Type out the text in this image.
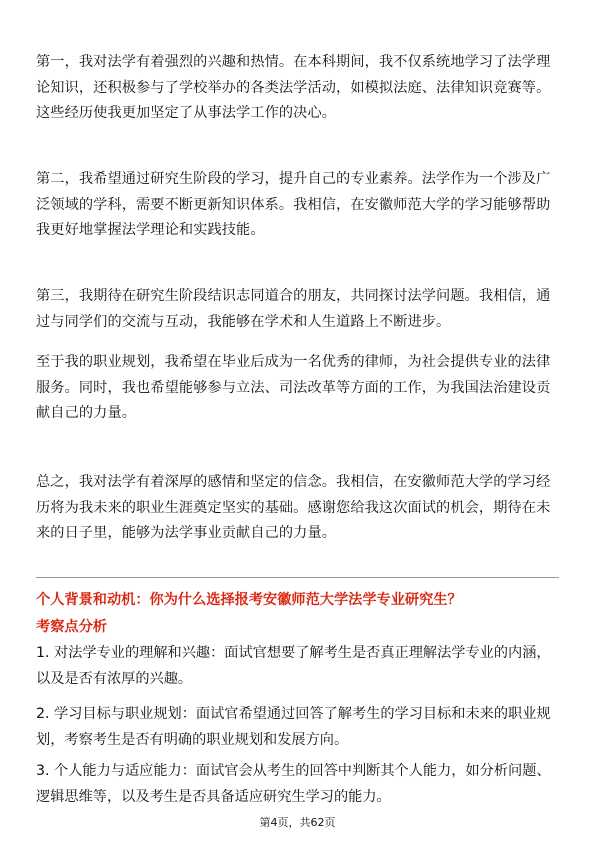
第一，我对法学有着强烈的兴趣和热情。在本科期间，我不仅系统地学习了法学理论知识，还积极参与了学校举办的各类法学活动，如模拟法庭、法律知识竞赛等。这些经历使我更加坚定了从事法学工作的决心。

第二，我希望通过研究生阶段的学习，提升自己的专业素养。法学作为一个涉及广泛领域的学科，需要不断更新知识体系。我相信，在安徽师范大学的学习能够帮助我更好地掌握法学理论和实践技能。

第三，我期待在研究生阶段结识志同道合的朋友，共同探讨法学问题。我相信，通过与同学们的交流与互动，我能够在学术和人生道路上不断进步。

至于我的职业规划，我希望在毕业后成为一名优秀的律师，为社会提供专业的法律服务。同时，我也希望能够参与立法、司法改革等方面的工作，为我国法治建设贡献自己的力量。

总之，我对法学有着深厚的感情和坚定的信念。我相信，在安徽师范大学的学习经历将为我未来的职业生涯奠定坚实的基础。感谢您给我这次面试的机会，期待在未来的日子里，能够为法学事业贡献自己的力量。

个人背景和动机：你为什么选择报考安徽师范大学法学专业研究生？

考察点分析

1. 对法学专业的理解和兴趣：面试官想要了解考生是否真正理解法学专业的内涵，以及是否有浓厚的兴趣。

2. 学习目标与职业规划：面试官希望通过回答了解考生的学习目标和未来的职业规划，考察考生是否有明确的职业规划和发展方向。

3. 个人能力与适应能力：面试官会从考生的回答中判断其个人能力，如分析问题、逻辑思维等，以及考生是否具备适应研究生学习的能力。

第4页，共62页
